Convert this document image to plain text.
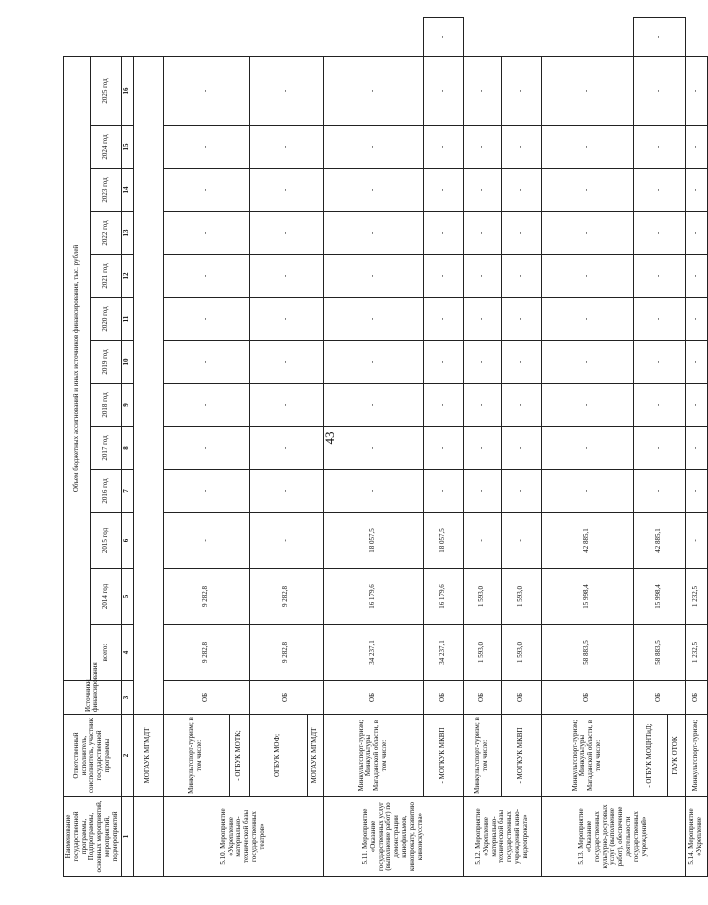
43
Наименование государственной программы, Подпрограммы, основных мероприятий, мероприятий, подмероприятий	Ответственный исполнитель, соисполнитель, участник государственной программы	Источники финансирования	Объем бюджетных ассигнований и иных источников финансирования, тыс. рублей													
			всего:	2014 год	2015 год	2016 год	2017 год	2018 год	2019 год	2020 год	2021 год	2022 год	2023 год	2024 год	2025 год	
1	2	3	4	5	6	7	8	9	10	11	12	13	14	15	16	
	МОГАУК МГМДТ															
5.10. Мероприятие «Укрепление материально-технической базы государственных театров»	Минкультспорт-туризм; в том числе:	ОБ	9 282,8	9 282,8	-	-	-	-	-	-	-	-	-	-	-	
	- ОГБУК МОТК;															
	ОГБУК МОФ;	ОБ	9 282,8	9 282,8	-	-	-	-	-	-	-	-	-	-	-	
	МОГАУК МГМДТ															
5.11. Мероприятие «Оказание государственных услуг (выполнение работ) по демонстрации кинофильмов, кинопрокату, развитию киноискусства»	Минкультспорт-туризм; Минкультуры Магаданской области, в том числе:	ОБ	34 237,1	16 179,6	18 057,5	-	-	-	-	-	-	-	-	-	-	
	- МОГКУК МКВП	ОБ	34 237,1	16 179,6	18 057,5	-	-	-	-	-	-	-	-	-	-	-
5.12. Мероприятие «Укрепление материально-технической базы государственных учреждений кино-видеопроката»	Минкультспорт-туризм; в том числе:	ОБ	1 593,0	1 593,0	-	-	-	-	-	-	-	-	-	-	-	
	- МОГКУК МКВП	ОБ	1 593,0	1 593,0	-	-	-	-	-	-	-	-	-	-	-	
5.13. Мероприятие «Оказание государственных культурно-досуговых услуг (выполнение работ), обеспечение деятельности государственных учреждений»	Минкультспорт-туризм; Минкультуры Магаданской области, в том числе:	ОБ	58 883,5	15 998,4	42 885,1	-	-	-	-	-	-	-	-	-	-	
	- ОГБУК МОЦНТиД;	ОБ	58 883,5	15 998,4	42 885,1	-	-	-	-	-	-	-	-	-	-	-
	ГАУК ОТОК															
5.14. Мероприятие «Укрепление	Минкультспорт-туризм;	ОБ	1 232,5	1 232,5	-	-	-	-	-	-	-	-	-	-	-	
